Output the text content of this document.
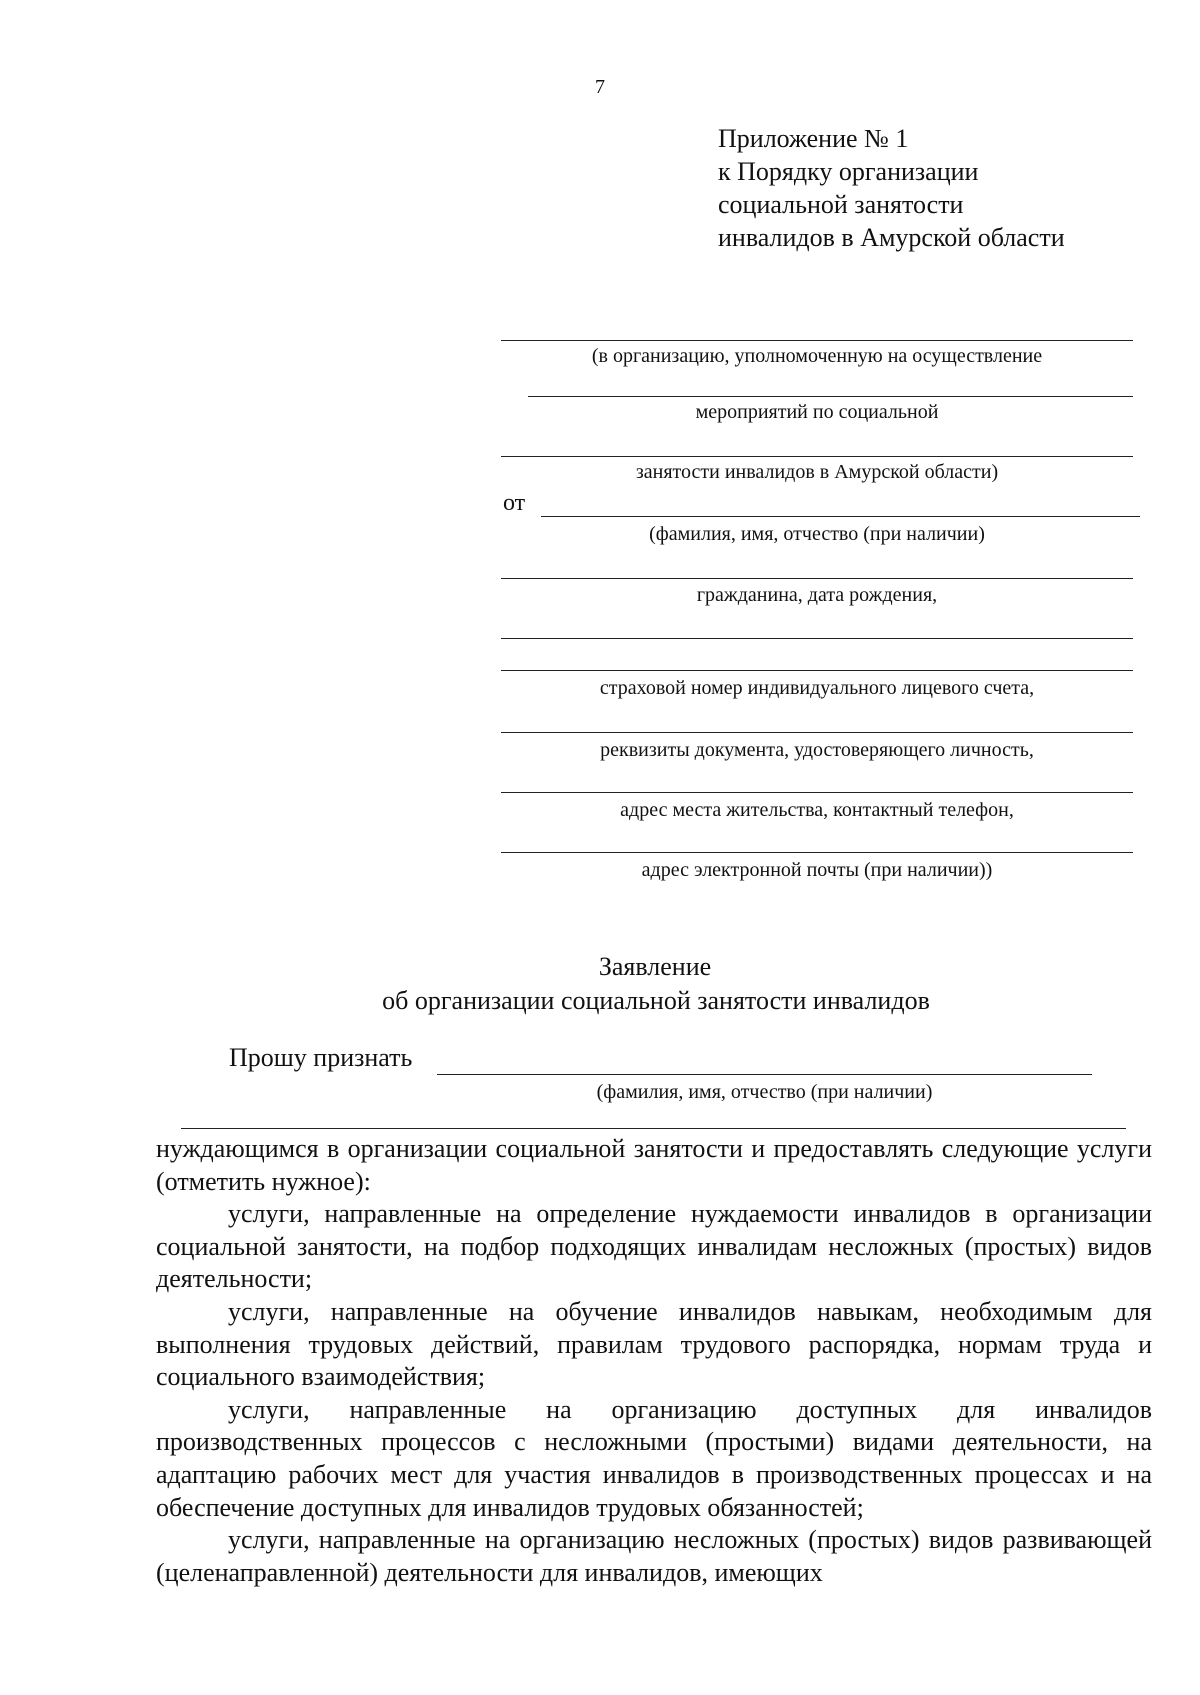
7
Приложение № 1
к Порядку организации
социальной занятости
инвалидов в Амурской области
(в организацию, уполномоченную на осуществление
мероприятий по социальной
занятости инвалидов в Амурской области)
от
(фамилия, имя, отчество (при наличии)
гражданина, дата рождения,
страховой номер индивидуального лицевого счета,
реквизиты документа, удостоверяющего личность,
адрес места жительства, контактный телефон,
адрес электронной почты (при наличии))
Заявление
об организации социальной занятости инвалидов
Прошу признать
(фамилия, имя, отчество (при наличии)

нуждающимся в организации социальной занятости и предоставлять следующие услуги (отметить нужное):

услуги, направленные на определение нуждаемости инвалидов в организации социальной занятости, на подбор подходящих инвалидам несложных (простых) видов деятельности;

услуги, направленные на обучение инвалидов навыкам, необходимым для выполнения трудовых действий, правилам трудового распорядка, нормам труда и социального взаимодействия;

услуги, направленные на организацию доступных для инвалидов производственных процессов с несложными (простыми) видами деятельности, на адаптацию рабочих мест для участия инвалидов в производственных процессах и на обеспечение доступных для инвалидов трудовых обязанностей;

услуги, направленные на организацию несложных (простых) видов развивающей (целенаправленной) деятельности для инвалидов, имеющих
